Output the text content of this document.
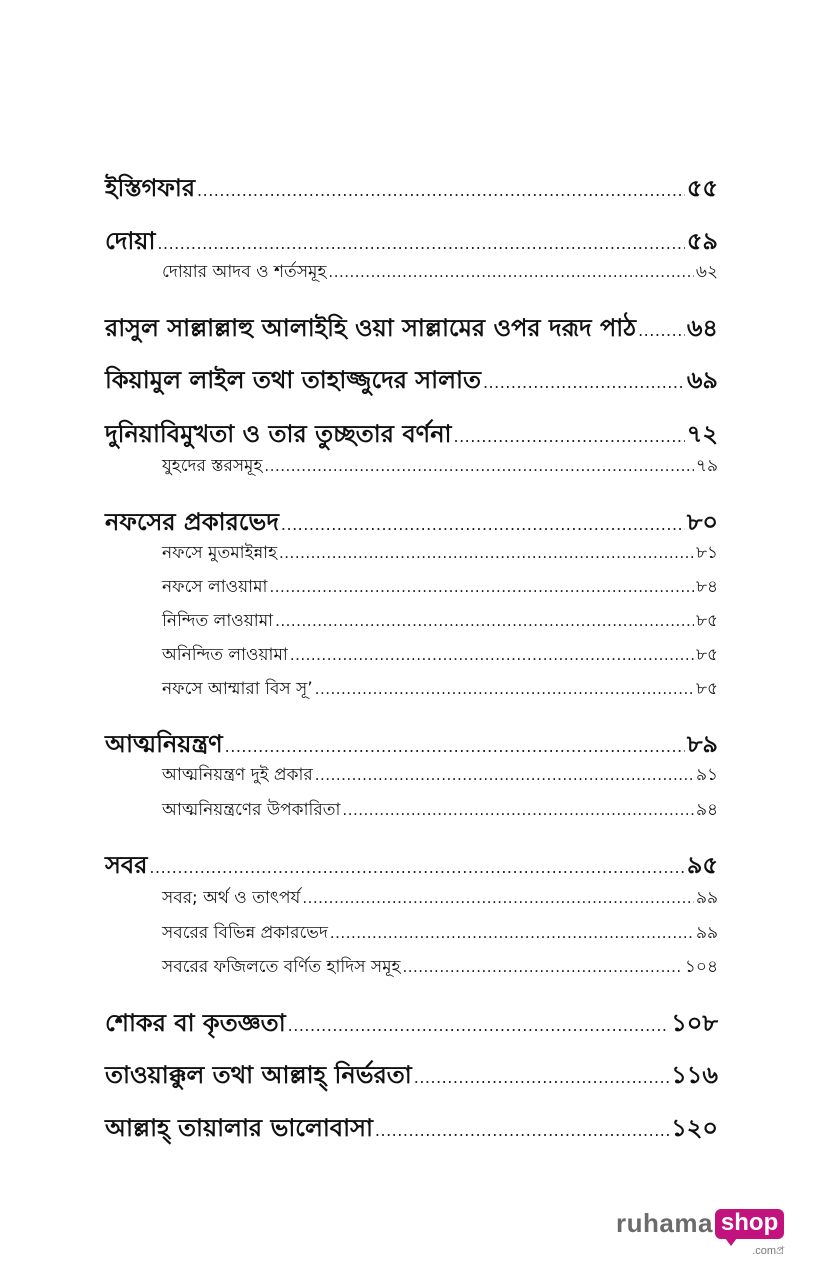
ইস্তিগফার .....	৫৫
দোয়া .....	৫৯
দোয়ার আদব ও শর্তসমূহ .....	৬২
রাসুল সাল্লাল্লাহু আলাইহি ওয়া সাল্লামের ওপর দরূদ পাঠ ..... ৬৪
কিয়ামুল লাইল তথা তাহাজ্জুদের সালাত .....	৬৯
দুনিয়াবিমুখতা ও তার তুচ্ছতার বর্ণনা .....	৭২
যুহদের স্তরসমূহ .....	৭৯
নফসের প্রকারভেদ .....	৮০
নফসে মুতমাইন্নাহ .....	৮১
নফসে লাওয়ামা .....	৮৪
নিন্দিত লাওয়ামা .....	৮৫
অনিন্দিত লাওয়ামা .....	৮৫
নফসে আম্মারা বিস সূ’ .....	৮৫
আত্মনিয়ন্ত্রণ .....	৮৯
আত্মনিয়ন্ত্রণ দুই প্রকার .....	৯১
আত্মনিয়ন্ত্রণের উপকারিতা .....	৯৪
সবর .....	৯৫
সবর; অর্থ ও তাৎপর্য .....	৯৯
সবরের বিভিন্ন প্রকারভেদ .....	৯৯
সবরের ফজিলতে বর্ণিত হাদিস সমূহ .....	১০৪
শোকর বা কৃতজ্ঞতা .....	১০৮
তাওয়াক্কুল তথা আল্লাহ্ নির্ভরতা .....	১১৬
আল্লাহ্ তায়ালার ভালোবাসা .....	১২০
ruhama shop
.comপ্র
